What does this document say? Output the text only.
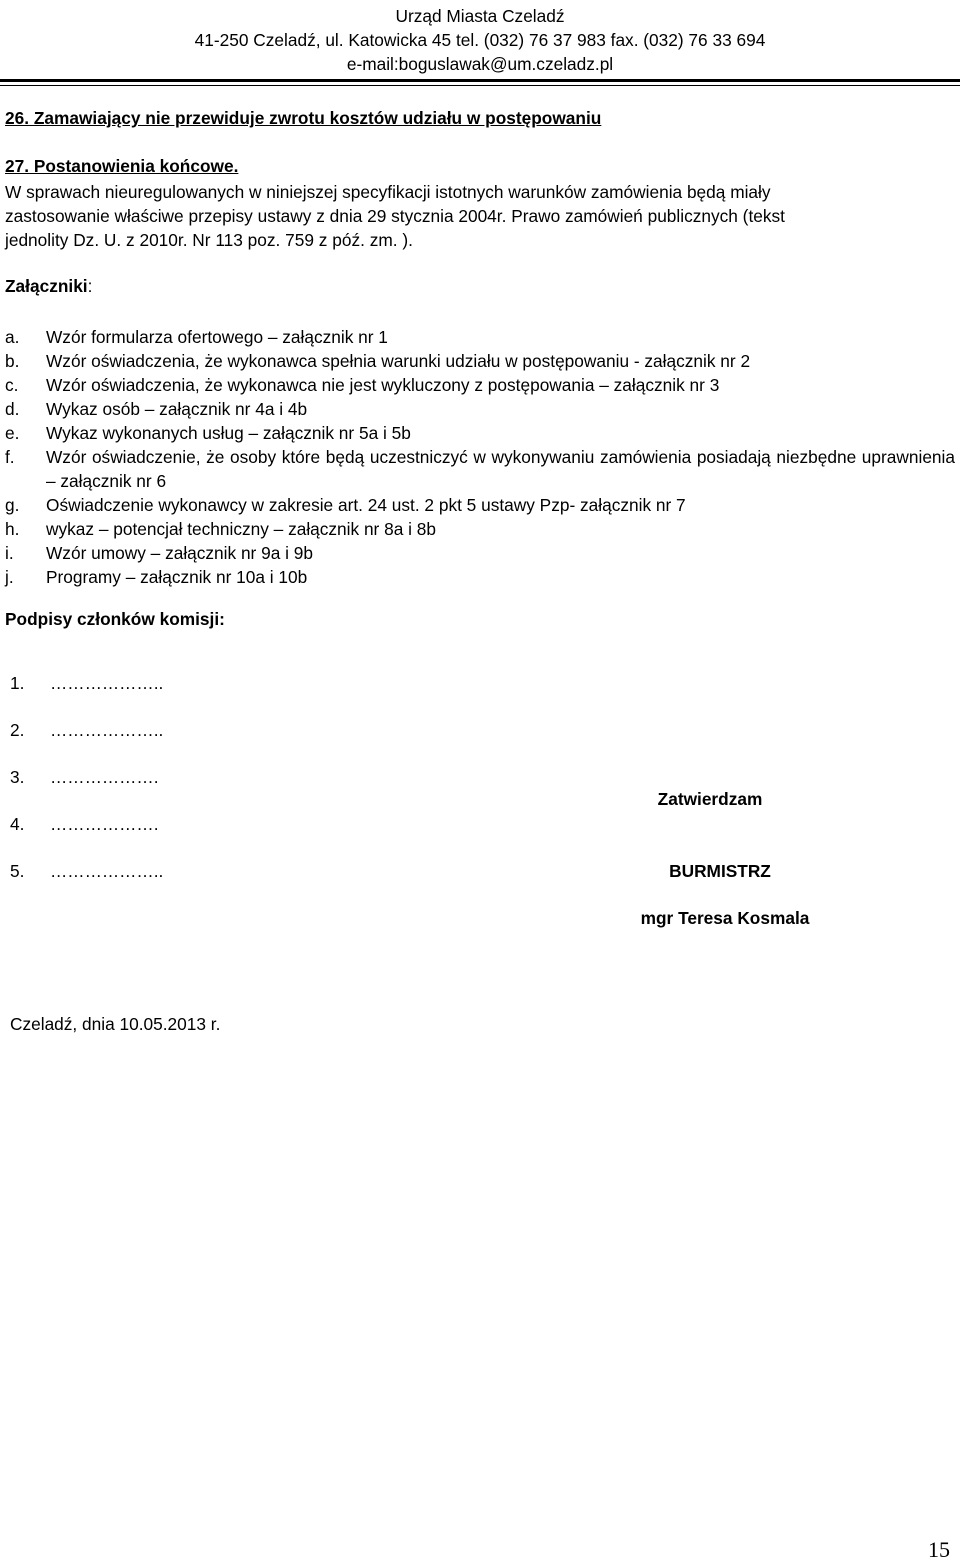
Urząd Miasta Czeladź
41-250 Czeladź, ul. Katowicka 45 tel. (032) 76 37 983 fax. (032) 76 33 694
e-mail:boguslawak@um.czeladz.pl
26. Zamawiający nie przewiduje zwrotu kosztów udziału w postępowaniu
27. Postanowienia końcowe.
W sprawach nieuregulowanych w niniejszej specyfikacji istotnych warunków zamówienia będą miały
zastosowanie właściwe przepisy ustawy z dnia 29 stycznia 2004r. Prawo zamówień publicznych (tekst
jednolity Dz. U. z 2010r. Nr 113 poz. 759 z póź. zm. ).
Załączniki:
a. Wzór formularza ofertowego – załącznik nr 1
b. Wzór oświadczenia, że wykonawca spełnia warunki udziału w postępowaniu - załącznik nr 2
c. Wzór oświadczenia, że wykonawca nie jest wykluczony z postępowania – załącznik nr 3
d. Wykaz osób – załącznik nr 4a i 4b
e. Wykaz wykonanych usług – załącznik nr 5a i 5b
f. Wzór oświadczenie, że osoby które będą uczestniczyć w wykonywaniu zamówienia posiadają niezbędne uprawnienia – załącznik nr 6
g. Oświadczenie wykonawcy w zakresie art. 24 ust. 2 pkt 5 ustawy Pzp- załącznik nr 7
h. wykaz – potencjał techniczny – załącznik nr 8a i 8b
i. Wzór umowy – załącznik nr 9a i 9b
j. Programy – załącznik nr 10a i 10b
Podpisy członków komisji:
1. ………………..
2. ………………..
3. ……………….
4. ……………….
5. ………………..
Zatwierdzam
BURMISTRZ
mgr Teresa Kosmala
Czeladź, dnia 10.05.2013 r.
15
